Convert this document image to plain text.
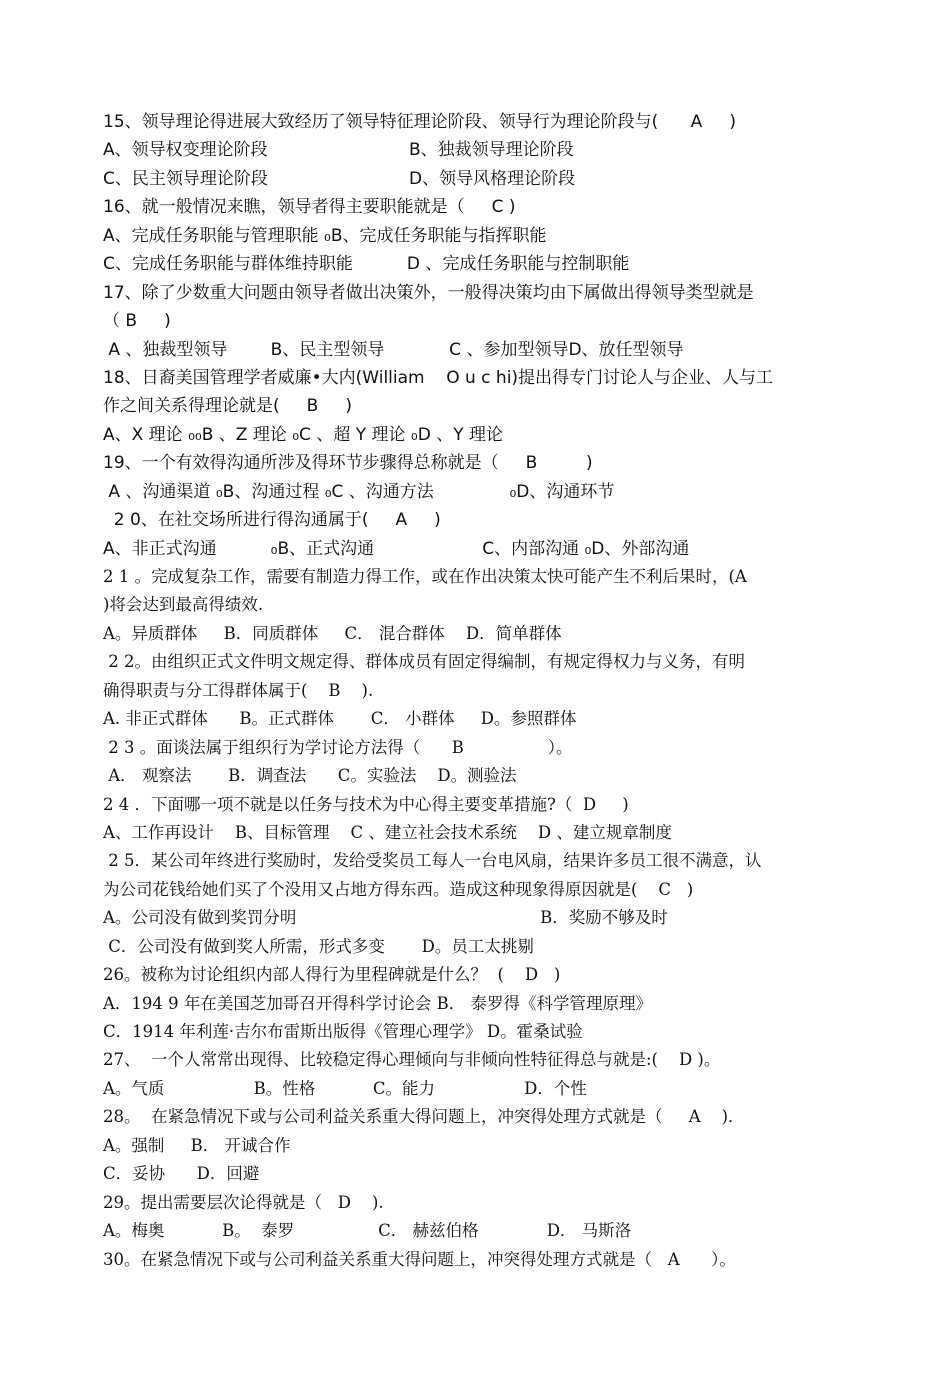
15、领导理论得进展大致经历了领导特征理论阶段、领导行为理论阶段与(      A     )
A、领导权变理论阶段	B、独裁领导理论阶段
C、民主领导理论阶段	D、领导风格理论阶段
16、就一般情况来瞧，领导者得主要职能就是（     C )
A、完成任务职能与管理职能 ₀B、完成任务职能与指挥职能
C、完成任务职能与群体维持职能          D 、完成任务职能与控制职能
17、除了少数重大问题由领导者做出决策外，一般得决策均由下属做出得领导类型就是
（ B     )
A 、独裁型领导        B、民主型领导            C 、参加型领导D、放任型领导
18、日裔美国管理学者威廉•大内(William    O u c hi)提出得专门讨论人与企业、人与工
作之间关系得理论就是(     B     )
A、X 理论 ₀₀B 、Z 理论 ₀C 、超 Y 理论 ₀D 、Y 理论
19、一个有效得沟通所涉及得环节步骤得总称就是（     B         )
A 、沟通渠道 ₀B、沟通过程 ₀C 、沟通方法              ₀D、沟通环节
2 0、在社交场所进行得沟通属于(     A     )
A、非正式沟通          ₀B、正式沟通                    C、内部沟通 ₀D、外部沟通
2 1 。完成复杂工作，需要有制造力得工作，或在作出决策太快可能产生不利后果时，(A
)将会达到最高得绩效.
A。异质群体     B．同质群体     C． 混合群体    D．简单群体
2 2。由组织正式文件明文规定得、群体成员有固定得编制，有规定得权力与义务，有明
确得职责与分工得群体属于(    B    ).
A. 非正式群体      B。正式群体       C． 小群体     D。参照群体
2 3 。面谈法属于组织行为学讨论方法得（      B                ）。
A． 观察法       B．调查法      C。实验法    D。测验法
2 4 ．下面哪一项不就是以任务与技术为中心得主要变革措施?（  D     )
A、工作再设计    B、目标管理    C 、建立社会技术系统    D 、建立规章制度
2 5．某公司年终进行奖励时，发给受奖员工每人一台电风扇，结果许多员工很不满意，认
为公司花钱给她们买了个没用又占地方得东西。造成这种现象得原因就是(    C   )
A。公司没有做到奖罚分明	B．奖励不够及时
C．公司没有做到奖人所需，形式多变       D。员工太挑剔
26。被称为讨论组织内部人得行为里程碑就是什么？  (    D   )
A．194 9 年在美国芝加哥召开得科学讨论会 B． 泰罗得《科学管理原理》
C．1914 年利莲·吉尔布雷斯出版得《管理心理学》 D。霍桑试验
27、  一个人常常出现得、比较稳定得心理倾向与非倾向性特征得总与就是:(    D )。
A。气质                 B。性格           C。能力                 D．个性
28。  在紧急情况下或与公司利益关系重大得问题上，冲突得处理方式就是（     A    )．
A。强制     B． 开诚合作
C．妥协      D．回避
29。提出需要层次论得就是（   D    ).
A。梅奥           B。  泰罗                C． 赫兹伯格             D． 马斯洛
30。在紧急情况下或与公司利益关系重大得问题上，冲突得处理方式就是（   A      ）。
